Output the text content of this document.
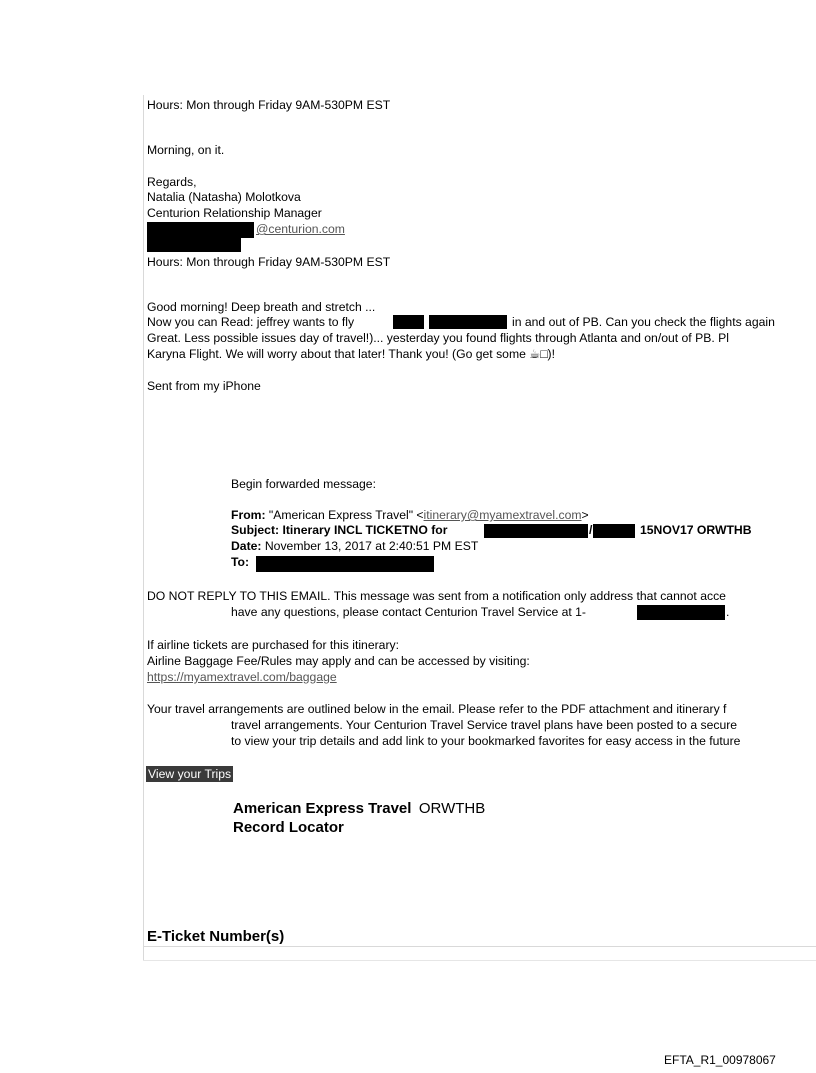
Hours: Mon through Friday 9AM-530PM EST
Morning, on it.
Regards,
Natalia (Natasha) Molotkova
Centurion Relationship Manager
@centurion.com
Hours: Mon through Friday 9AM-530PM EST
Good morning! Deep breath and stretch ...
Now you can Read: jeffrey wants to fly	in and out of PB. Can you check the flights again
Great. Less possible issues day of travel!)... yesterday you found flights through Atlanta and on/out of PB. Pl
Karyna Flight. We will worry about that later! Thank you! (Go get some ☕︎□)!
Sent from my iPhone
Begin forwarded message:
From: "American Express Travel" <itinerary@myamextravel.com>
Subject: Itinerary INCL TICKETNO for	/	15NOV17 ORWTHB
Date: November 13, 2017 at 2:40:51 PM EST
To:
DO NOT REPLY TO THIS EMAIL. This message was sent from a notification only address that cannot acce
have any questions, please contact Centurion Travel Service at 1-	.
If airline tickets are purchased for this itinerary:
Airline Baggage Fee/Rules may apply and can be accessed by visiting:
https://myamextravel.com/baggage
Your travel arrangements are outlined below in the email. Please refer to the PDF attachment and itinerary f
travel arrangements. Your Centurion Travel Service travel plans have been posted to a secure
to view your trip details and add link to your bookmarked favorites for easy access in the future
View your Trips
American Express Travel ORWTHB
Record Locator
E-Ticket Number(s)
EFTA_R1_00978067
